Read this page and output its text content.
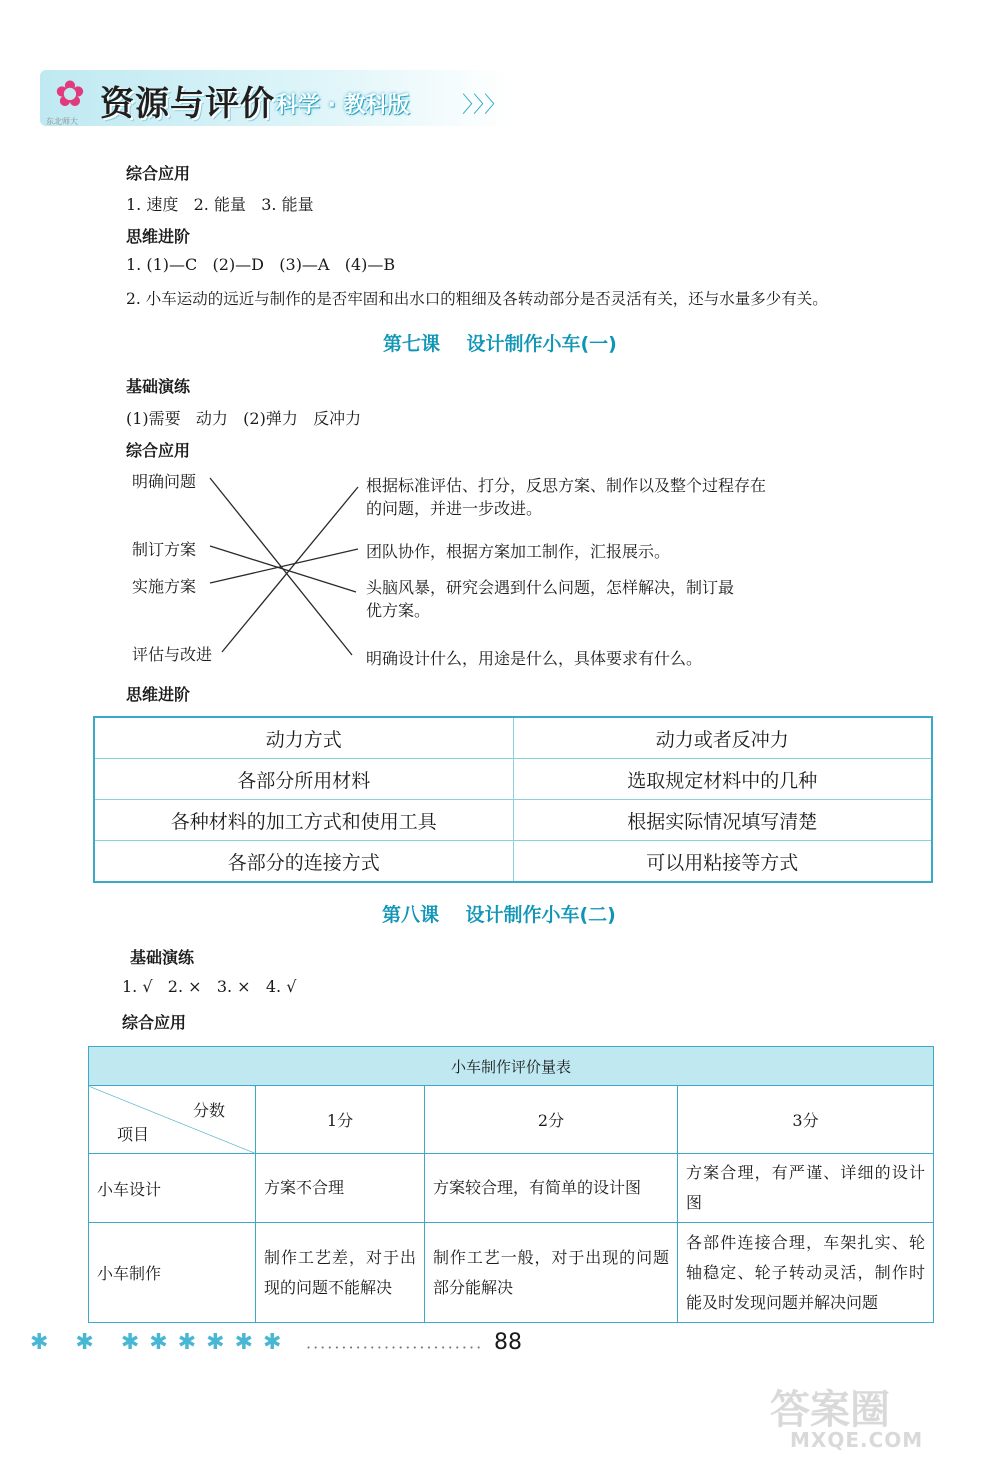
✿
东北师大 资源与评价 科学 · 教科版 〉〉〉
综合应用
1. 速度   2. 能量   3. 能量
思维进阶
1. (1)—C   (2)—D   (3)—A   (4)—B
2. 小车运动的远近与制作的是否牢固和出水口的粗细及各转动部分是否灵活有关，还与水量多少有关。
第七课    设计制作小车(一)
基础演练
(1)需要   动力   (2)弹力   反冲力
综合应用
明确问题
制订方案
实施方案
评估与改进
根据标准评估、打分，反思方案、制作以及整个过程存在的问题，并进一步改进。
团队协作，根据方案加工制作，汇报展示。
头脑风暴，研究会遇到什么问题，怎样解决，制订最优方案。
明确设计什么，用途是什么，具体要求有什么。
思维进阶
动力方式	动力或者反冲力
各部分所用材料	选取规定材料中的几种
各种材料的加工方式和使用工具	根据实际情况填写清楚
各部分的连接方式	可以用粘接等方式
第八课    设计制作小车(二)
基础演练
1. √   2. ×   3. ×   4. √
综合应用
小车制作评价量表			

分数
项目	1分	2分	3分
小车设计	方案不合理	方案较合理，有简单的设计图	方案合理，有严谨、详细的设计图
小车制作	制作工艺差，对于出现的问题不能解决	制作工艺一般，对于出现的问题部分能解决	各部件连接合理，车架扎实、轮轴稳定、轮子转动灵活，制作时能及时发现问题并解决问题
✱ ✱ ✱✱✱✱✱✱ ························· 88
答案圈
MXQE.COM
